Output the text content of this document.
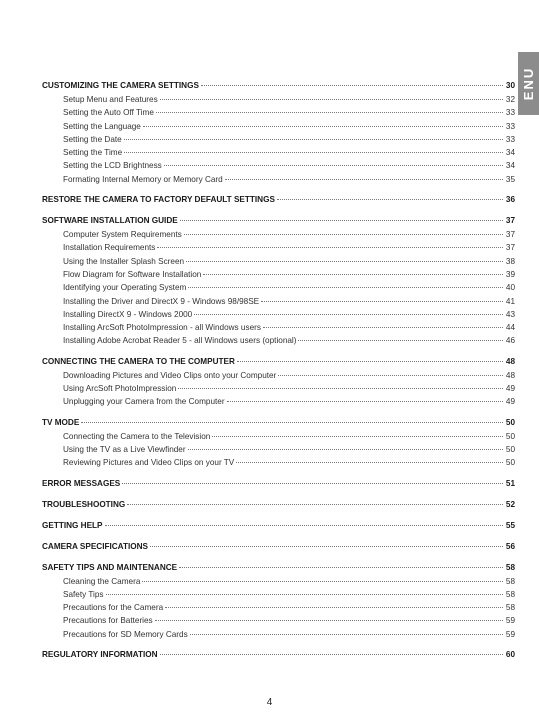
ENU
CUSTOMIZING THE CAMERA SETTINGS	30
Setup Menu and Features	32
Setting the Auto Off Time	33
Setting the Language	33
Setting the Date	33
Setting the Time	34
Setting the LCD Brightness	34
Formating Internal Memory or Memory Card	35
RESTORE THE CAMERA TO FACTORY DEFAULT SETTINGS	36
SOFTWARE INSTALLATION GUIDE	37
Computer System Requirements	37
Installation Requirements	37
Using the Installer Splash Screen	38
Flow Diagram for Software Installation	39
Identifying your Operating System	40
Installing the Driver and DirectX 9 - Windows 98/98SE	41
Installing DirectX 9 - Windows 2000	43
Installing ArcSoft PhotoImpression - all Windows users	44
Installing Adobe Acrobat Reader 5 - all Windows users (optional)	46
CONNECTING THE CAMERA TO THE COMPUTER	48
Downloading Pictures and Video Clips onto your Computer	48
Using ArcSoft PhotoImpression	49
Unplugging your Camera from the Computer	49
TV MODE	50
Connecting the Camera to the Television	50
Using the TV as a Live Viewfinder	50
Reviewing Pictures and Video Clips on your TV	50
ERROR MESSAGES	51
TROUBLESHOOTING	52
GETTING HELP	55
CAMERA SPECIFICATIONS	56
SAFETY TIPS AND MAINTENANCE	58
Cleaning the Camera	58
Safety Tips	58
Precautions for the Camera	58
Precautions for Batteries	59
Precautions for SD Memory Cards	59
REGULATORY INFORMATION	60
4
